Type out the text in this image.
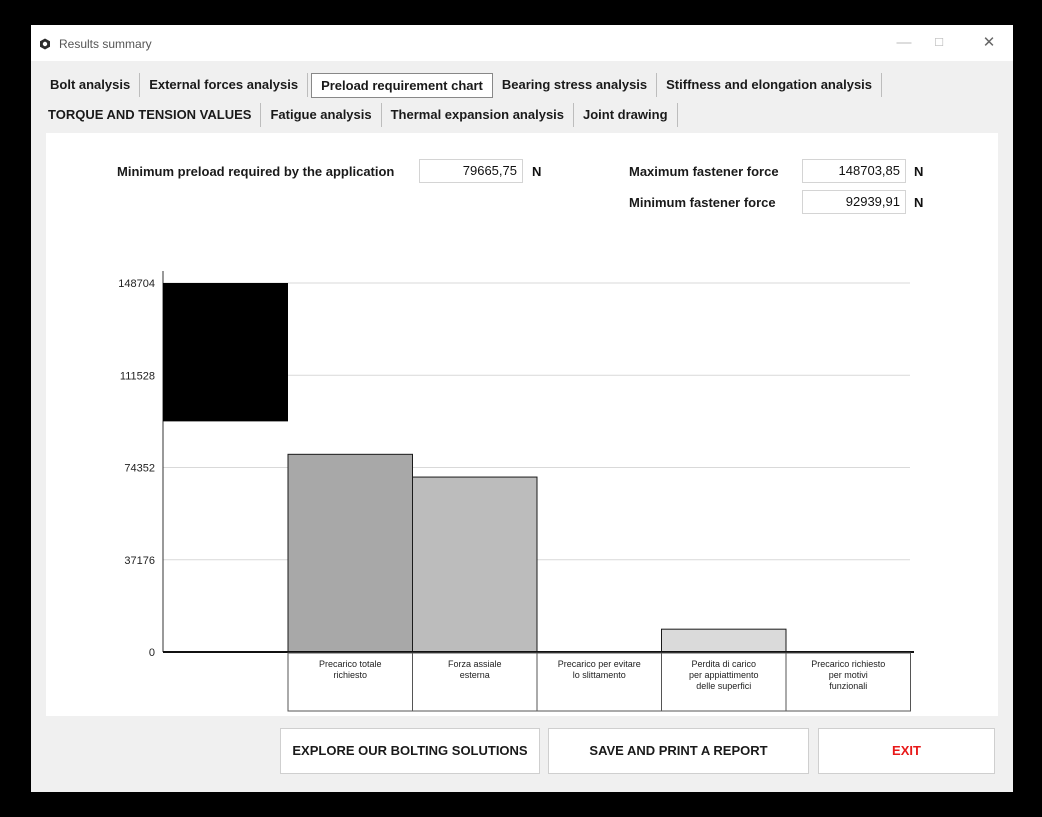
Results summary	—	☐	✕
Bolt analysis	External forces analysis	Preload requirement chart	Bearing stress analysis	Stiffness and elongation analysis
TORQUE AND TENSION VALUES	Fatigue analysis	Thermal expansion analysis	Joint drawing
Minimum preload required by the application	79665,75	N	Maximum fastener force	148703,85	N
Minimum fastener force	92939,91	N
0
37176
74352
111528
148704
Precarico totale
richiesto
Forza assiale
esterna
Precarico per evitare
lo slittamento
Perdita di carico
per appiattimento
delle superfici
Precarico richiesto
per motivi
funzionali
EXPLORE OUR BOLTING SOLUTIONS	SAVE AND PRINT A REPORT	EXIT
